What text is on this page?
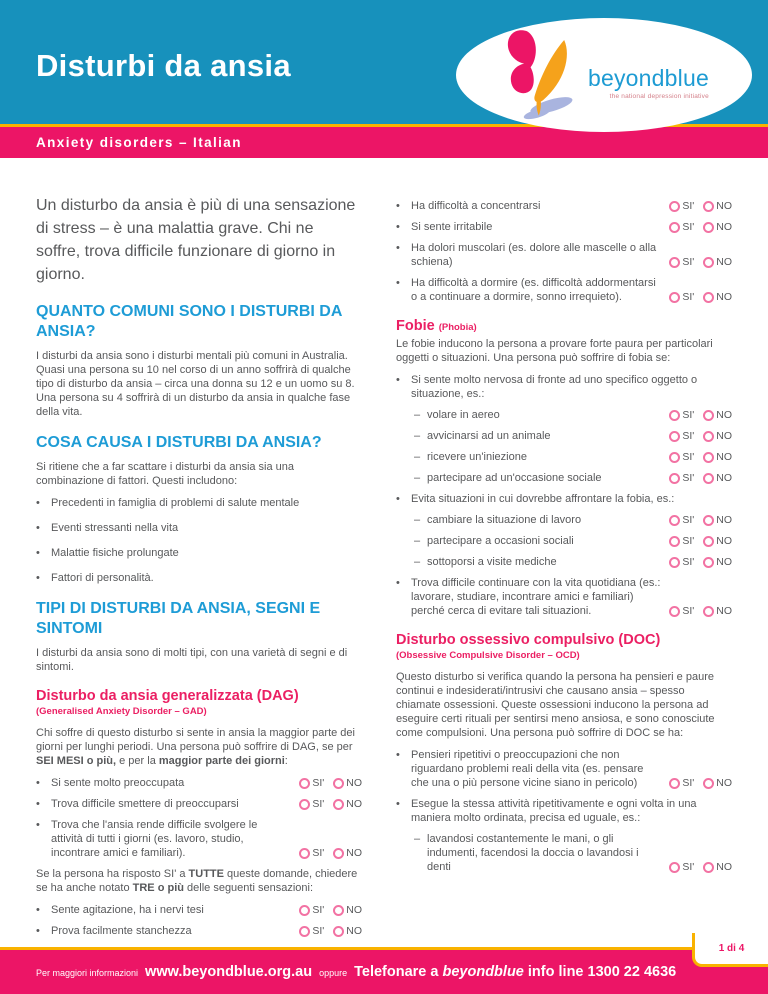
Disturbi da ansia	beyondblue
the national depression initiative
Anxiety disorders – Italian

Un disturbo da ansia è più di una sensazione di stress – è una malattia grave. Chi ne soffre, trova difficile funzionare di giorno in giorno.

QUANTO COMUNI SONO I DISTURBI DA ANSIA?

I disturbi da ansia sono i disturbi mentali più comuni in Australia. Quasi una persona su 10 nel corso di un anno soffrirà di qualche tipo di disturbo da ansia – circa una donna su 12 e un uomo su 8. Una persona su 4 soffrirà di un disturbo da ansia in qualche fase della vita.

COSA CAUSA I DISTURBI DA ANSIA?

Si ritiene che a far scattare i disturbi da ansia sia una combinazione di fattori. Questi includono:

•	Precedenti in famiglia di problemi di salute mentale
•	Eventi stressanti nella vita
•	Malattie fisiche prolungate
•	Fattori di personalità.
TIPI DI DISTURBI DA ANSIA, SEGNI E SINTOMI

I disturbi da ansia sono di molti tipi, con una varietà di segni e di sintomi.

Disturbo da ansia generalizzata (DAG)
(Generalised Anxiety Disorder – GAD)

Chi soffre di questo disturbo si sente in ansia la maggior parte dei giorni per lunghi periodi. Una persona può soffrire di DAG, se per SEI MESI o più, e per la maggior parte dei giorni:

•	Si sente molto preoccupata	SI' NO
•	Trova difficile smettere di preoccuparsi	SI' NO
•	Trova che l'ansia rende difficile svolgere le attività di tutti i giorni (es. lavoro, studio, incontrare amici e familiari).	SI' NO

Se la persona ha risposto SI' a TUTTE queste domande, chiedere se ha anche notato TRE o più delle seguenti sensazioni:

•	Sente agitazione, ha i nervi tesi	SI' NO
•	Prova facilmente stanchezza	SI' NO
•	Ha difficoltà a concentrarsi	SI' NO
•	Si sente irritabile	SI' NO
•	Ha dolori muscolari (es. dolore alle mascelle o alla schiena)	SI' NO
•	Ha difficoltà a dormire (es. difficoltà addormentarsi o a continuare a dormire, sonno irrequieto).	SI' NO
Fobie (Phobia)

Le fobie inducono la persona a provare forte paura per particolari oggetti o situazioni. Una persona può soffrire di fobia se:

•	Si sente molto nervosa di fronte ad uno specifico oggetto o situazione, es.:
– volare in aereo	SI' NO
– avvicinarsi ad un animale	SI' NO
– ricevere un'iniezione	SI' NO
– partecipare ad un'occasione sociale	SI' NO
•	Evita situazioni in cui dovrebbe affrontare la fobia, es.:
– cambiare la situazione di lavoro	SI' NO
– partecipare a occasioni sociali	SI' NO
– sottoporsi a visite mediche	SI' NO
•	Trova difficile continuare con la vita quotidiana (es.: lavorare, studiare, incontrare amici e familiari) perché cerca di evitare tali situazioni.	SI' NO
Disturbo ossessivo compulsivo (DOC)
(Obsessive Compulsive Disorder – OCD)

Questo disturbo si verifica quando la persona ha pensieri e paure continui e indesiderati/intrusivi che causano ansia – spesso chiamate ossessioni. Queste ossessioni inducono la persona ad eseguire certi rituali per sentirsi meno ansiosa, e sono conosciute come compulsioni. Una persona può soffrire di DOC se ha:

•	Pensieri ripetitivi o preoccupazioni che non riguardano problemi reali della vita (es. pensare che una o più persone vicine siano in pericolo)	SI' NO
•	Esegue la stessa attività ripetitivamente e ogni volta in una maniera molto ordinata, precisa ed uguale, es.:
– lavandosi costantemente le mani, o gli indumenti, facendosi la doccia o lavandosi i denti	SI' NO
Per maggiori informazioni www.beyondblue.org.au oppure Telefonare a beyondblue info line 1300 22 4636
1 di 4
